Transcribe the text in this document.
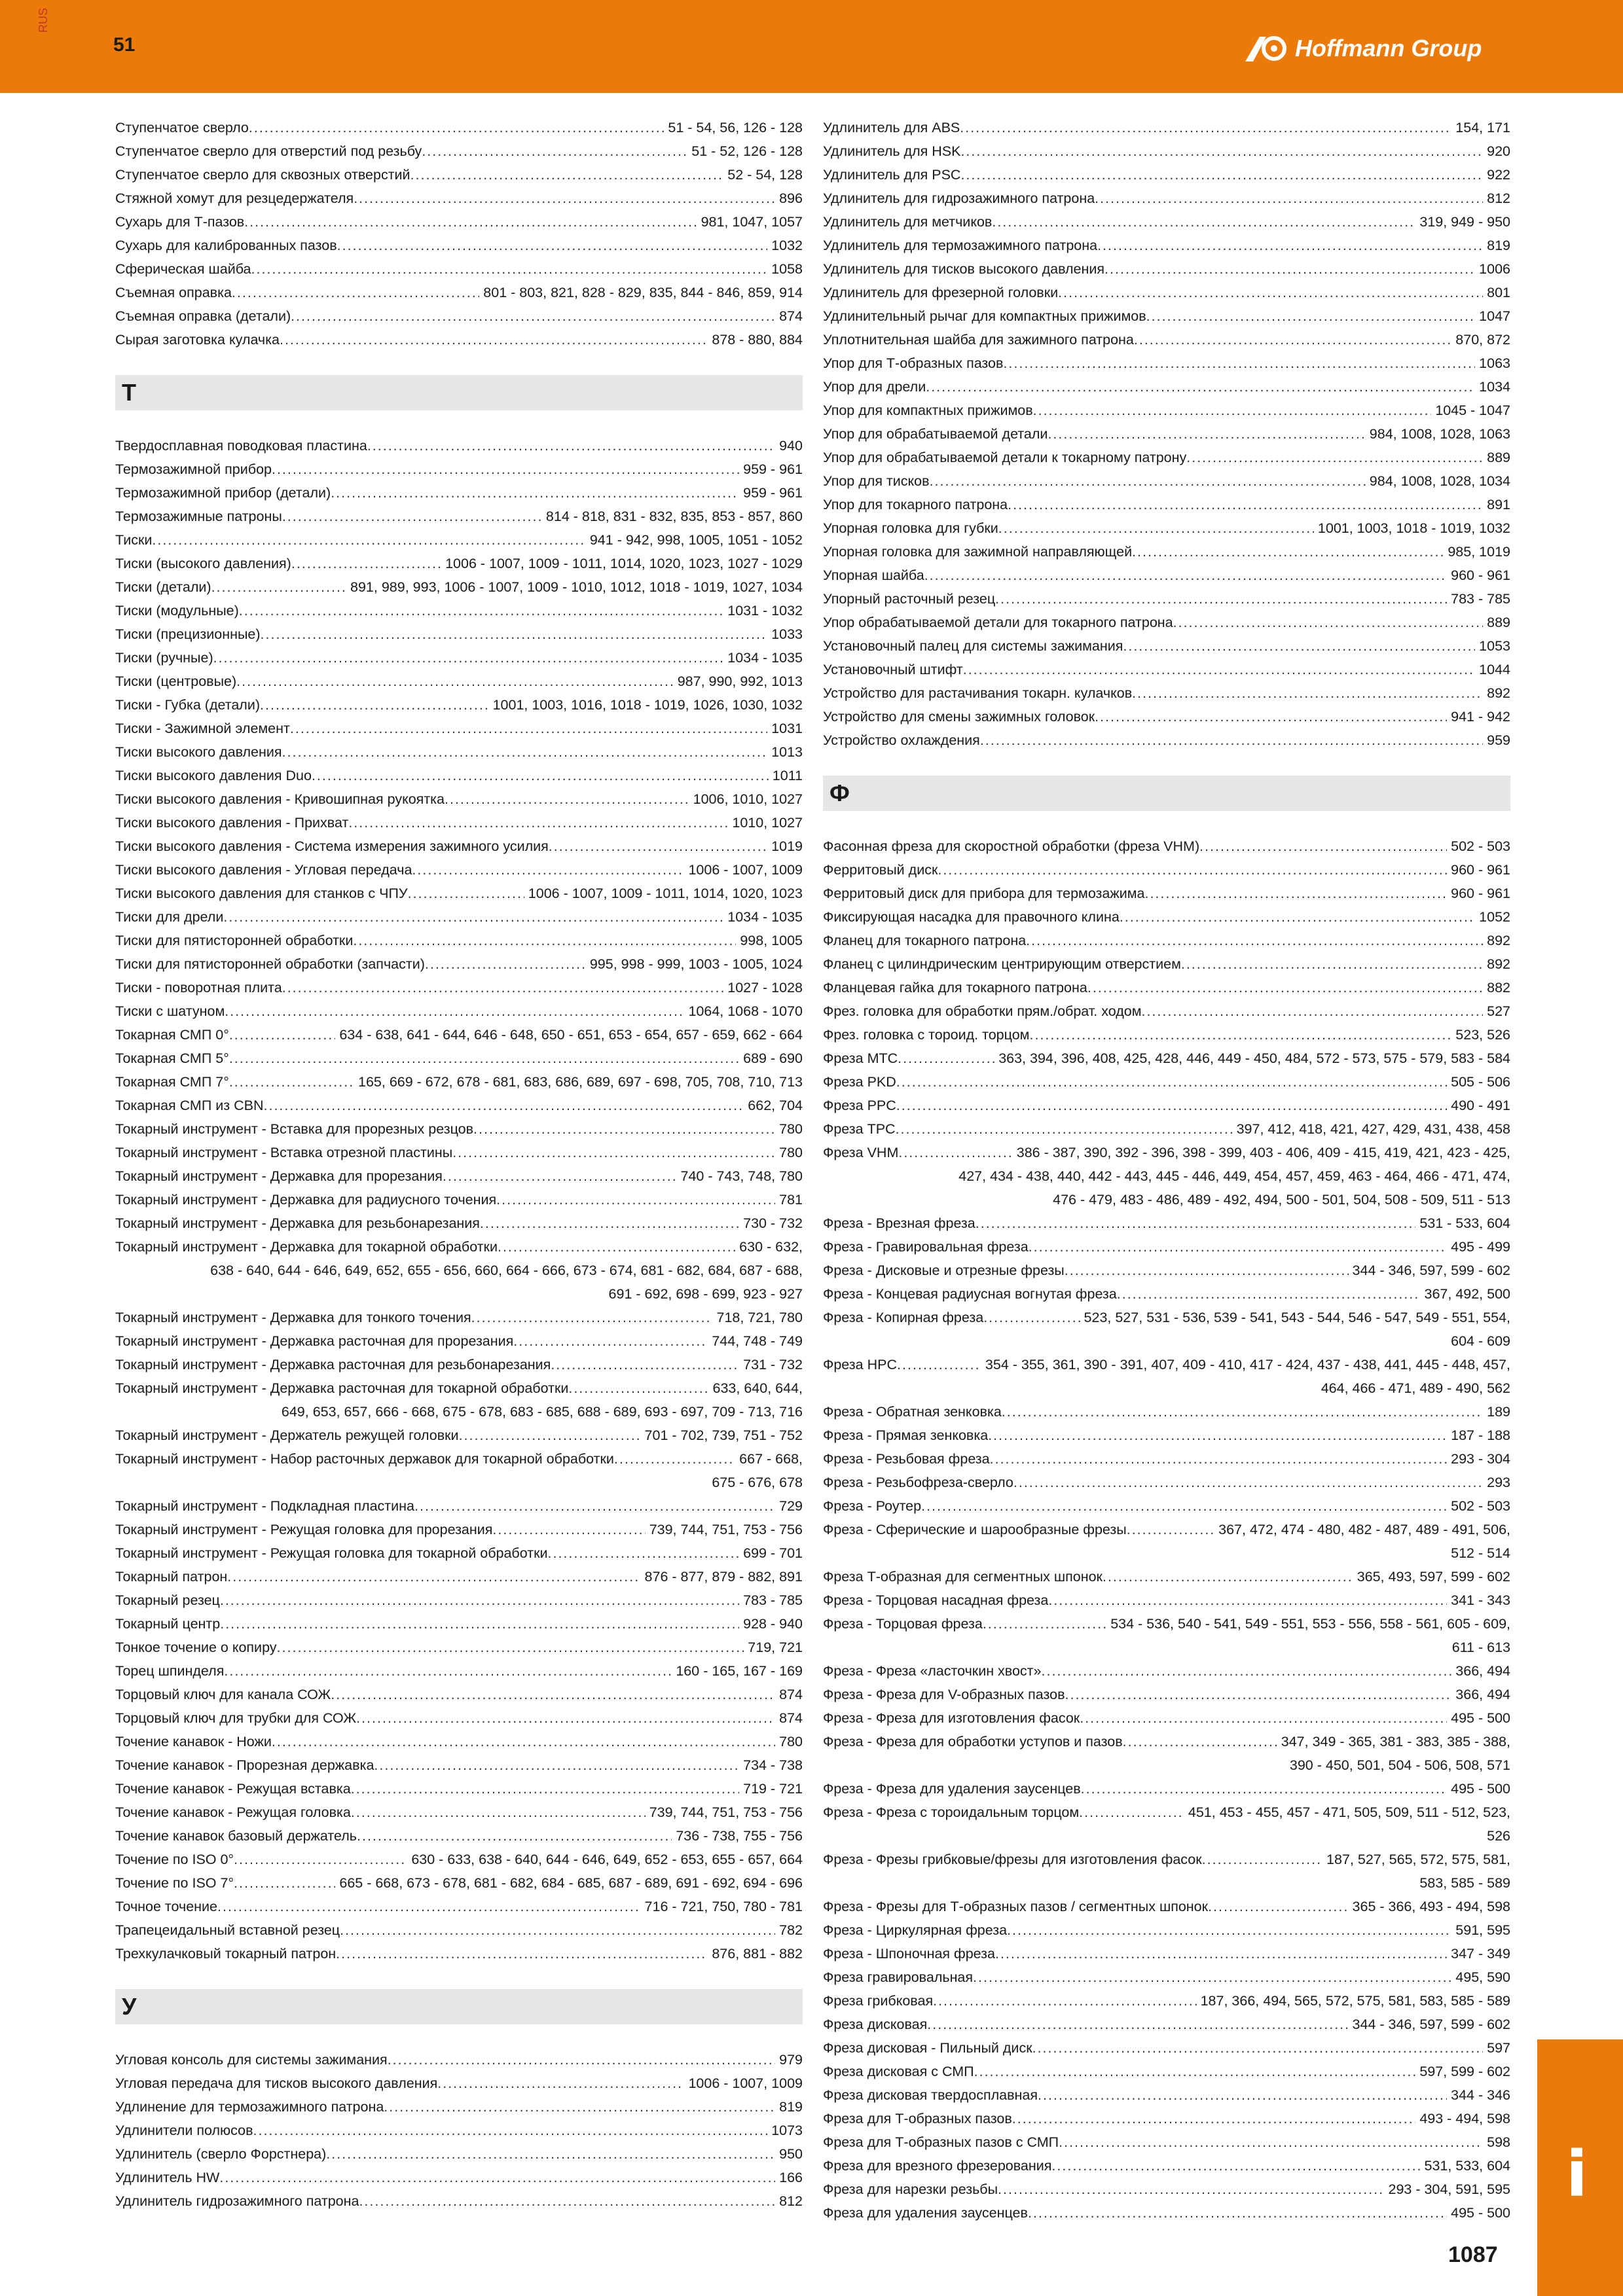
RUS
51	Hoffmann Group
Ступенчатое сверло .....	51 - 54, 56, 126 - 128
Ступенчатое сверло для отверстий под резьбу .....	51 - 52, 126 - 128
Ступенчатое сверло для сквозных отверстий .....	52 - 54, 128
Стяжной хомут для резцедержателя .....	896
Сухарь для Т-пазов .....	981, 1047, 1057
Сухарь для калиброванных пазов .....	1032
Сферическая шайба .....	1058
Съемная оправка .....	801 - 803, 821, 828 - 829, 835, 844 - 846, 859, 914
Съемная оправка (детали) .....	874
Сырая заготовка кулачка .....	878 - 880, 884
Т
Твердосплавная поводковая пластина .....	940
Термозажимной прибор .....	959 - 961
Термозажимной прибор (детали) .....	959 - 961
Термозажимные патроны .....	814 - 818, 831 - 832, 835, 853 - 857, 860
Тиски .....	941 - 942, 998, 1005, 1051 - 1052
Тиски (высокого давления) .....	1006 - 1007, 1009 - 1011, 1014, 1020, 1023, 1027 - 1029
Тиски (детали) .....	891, 989, 993, 1006 - 1007, 1009 - 1010, 1012, 1018 - 1019, 1027, 1034
Тиски (модульные) .....	1031 - 1032
Тиски (прецизионные) .....	1033
Тиски (ручные) .....	1034 - 1035
Тиски (центровые) .....	987, 990, 992, 1013
Тиски - Губка (детали) .....	1001, 1003, 1016, 1018 - 1019, 1026, 1030, 1032
Тиски - Зажимной элемент .....	1031
Тиски высокого давления .....	1013
Тиски высокого давления Duo .....	1011
Тиски высокого давления - Кривошипная рукоятка .....	1006, 1010, 1027
Тиски высокого давления - Прихват .....	1010, 1027
Тиски высокого давления - Система измерения зажимного усилия .....	1019
Тиски высокого давления - Угловая передача .....	1006 - 1007, 1009
Тиски высокого давления для станков с ЧПУ .....	1006 - 1007, 1009 - 1011, 1014, 1020, 1023
Тиски для дрели .....	1034 - 1035
Тиски для пятисторонней обработки .....	998, 1005
Тиски для пятисторонней обработки (запчасти) .....	995, 998 - 999, 1003 - 1005, 1024
Тиски - поворотная плита .....	1027 - 1028
Тиски с шатуном .....	1064, 1068 - 1070
Токарная СМП 0° .....	634 - 638, 641 - 644, 646 - 648, 650 - 651, 653 - 654, 657 - 659, 662 - 664
Токарная СМП 5° .....	689 - 690
Токарная СМП 7° .....	165, 669 - 672, 678 - 681, 683, 686, 689, 697 - 698, 705, 708, 710, 713
Токарная СМП из CBN .....	662, 704
Токарный инструмент - Вставка для прорезных резцов .....	780
Токарный инструмент - Вставка отрезной пластины .....	780
Токарный инструмент - Державка для прорезания .....	740 - 743, 748, 780
Токарный инструмент - Державка для радиусного точения .....	781
Токарный инструмент - Державка для резьбонарезания .....	730 - 732
Токарный инструмент - Державка для токарной обработки .....	630 - 632,
638 - 640, 644 - 646, 649, 652, 655 - 656, 660, 664 - 666, 673 - 674, 681 - 682, 684, 687 - 688,
691 - 692, 698 - 699, 923 - 927
Токарный инструмент - Державка для тонкого точения .....	718, 721, 780
Токарный инструмент - Державка расточная для прорезания .....	744, 748 - 749
Токарный инструмент - Державка расточная для резьбонарезания .....	731 - 732
Токарный инструмент - Державка расточная для токарной обработки .....	633, 640, 644,
649, 653, 657, 666 - 668, 675 - 678, 683 - 685, 688 - 689, 693 - 697, 709 - 713, 716
Токарный инструмент - Держатель режущей головки .....	701 - 702, 739, 751 - 752
Токарный инструмент - Набор расточных державок для токарной обработки .....	667 - 668,
675 - 676, 678
Токарный инструмент - Подкладная пластина .....	729
Токарный инструмент - Режущая головка для прорезания .....	739, 744, 751, 753 - 756
Токарный инструмент - Режущая головка для токарной обработки .....	699 - 701
Токарный патрон .....	876 - 877, 879 - 882, 891
Токарный резец .....	783 - 785
Токарный центр .....	928 - 940
Тонкое точение о копиру .....	719, 721
Торец шпинделя .....	160 - 165, 167 - 169
Торцовый ключ для канала СОЖ .....	874
Торцовый ключ для трубки для СОЖ .....	874
Точение канавок - Ножи .....	780
Точение канавок - Прорезная державка .....	734 - 738
Точение канавок - Режущая вставка .....	719 - 721
Точение канавок - Режущая головка .....	739, 744, 751, 753 - 756
Точение канавок базовый держатель .....	736 - 738, 755 - 756
Точение по ISO 0° .....	630 - 633, 638 - 640, 644 - 646, 649, 652 - 653, 655 - 657, 664
Точение по ISO 7° .....	665 - 668, 673 - 678, 681 - 682, 684 - 685, 687 - 689, 691 - 692, 694 - 696
Точное точение .....	716 - 721, 750, 780 - 781
Трапецеидальный вставной резец .....	782
Трехкулачковый токарный патрон .....	876, 881 - 882
У
Угловая консоль для системы зажимания .....	979
Угловая передача для тисков высокого давления .....	1006 - 1007, 1009
Удлинение для термозажимного патрона .....	819
Удлинители полюсов .....	1073
Удлинитель (сверло Форстнера) .....	950
Удлинитель HW .....	166
Удлинитель гидрозажимного патрона .....	812
Удлинитель для ABS .....	154, 171
Удлинитель для HSK .....	920
Удлинитель для PSC .....	922
Удлинитель для гидрозажимного патрона .....	812
Удлинитель для метчиков .....	319, 949 - 950
Удлинитель для термозажимного патрона .....	819
Удлинитель для тисков высокого давления .....	1006
Удлинитель для фрезерной головки .....	801
Удлинительный рычаг для компактных прижимов .....	1047
Уплотнительная шайба для зажимного патрона .....	870, 872
Упор для Т-образных пазов .....	1063
Упор для дрели .....	1034
Упор для компактных прижимов .....	1045 - 1047
Упор для обрабатываемой детали .....	984, 1008, 1028, 1063
Упор для обрабатываемой детали к токарному патрону .....	889
Упор для тисков .....	984, 1008, 1028, 1034
Упор для токарного патрона .....	891
Упорная головка для губки .....	1001, 1003, 1018 - 1019, 1032
Упорная головка для зажимной направляющей .....	985, 1019
Упорная шайба .....	960 - 961
Упорный расточный резец .....	783 - 785
Упор обрабатываемой детали для токарного патрона .....	889
Установочный палец для системы зажимания .....	1053
Установочный штифт .....	1044
Устройство для растачивания токарн. кулачков .....	892
Устройство для смены зажимных головок .....	941 - 942
Устройство охлаждения .....	959
Ф
Фасонная фреза для скоростной обработки (фреза VHM) .....	502 - 503
Ферритовый диск .....	960 - 961
Ферритовый диск для прибора для термозажима .....	960 - 961
Фиксирующая насадка для правочного клина .....	1052
Фланец для токарного патрона .....	892
Фланец с цилиндрическим центрирующим отверстием .....	892
Фланцевая гайка для токарного патрона .....	882
Фрез. головка для обработки прям./обрат. ходом .....	527
Фрез. головка с тороид. торцом .....	523, 526
Фреза MTC .....	363, 394, 396, 408, 425, 428, 446, 449 - 450, 484, 572 - 573, 575 - 579, 583 - 584
Фреза PKD .....	505 - 506
Фреза PPC .....	490 - 491
Фреза TPC .....	397, 412, 418, 421, 427, 429, 431, 438, 458
Фреза VHM .....	386 - 387, 390, 392 - 396, 398 - 399, 403 - 406, 409 - 415, 419, 421, 423 - 425,
427, 434 - 438, 440, 442 - 443, 445 - 446, 449, 454, 457, 459, 463 - 464, 466 - 471, 474,
476 - 479, 483 - 486, 489 - 492, 494, 500 - 501, 504, 508 - 509, 511 - 513
Фреза - Врезная фреза .....	531 - 533, 604
Фреза - Гравировальная фреза .....	495 - 499
Фреза - Дисковые и отрезные фрезы .....	344 - 346, 597, 599 - 602
Фреза - Концевая радиусная вогнутая фреза .....	367, 492, 500
Фреза - Копирная фреза .....	523, 527, 531 - 536, 539 - 541, 543 - 544, 546 - 547, 549 - 551, 554,
604 - 609
Фреза HPC .....	354 - 355, 361, 390 - 391, 407, 409 - 410, 417 - 424, 437 - 438, 441, 445 - 448, 457,
464, 466 - 471, 489 - 490, 562
Фреза - Обратная зенковка .....	189
Фреза - Прямая зенковка .....	187 - 188
Фреза - Резьбовая фреза .....	293 - 304
Фреза - Резьбофреза-сверло .....	293
Фреза - Роутер .....	502 - 503
Фреза - Сферические и шарообразные фрезы .....	367, 472, 474 - 480, 482 - 487, 489 - 491, 506,
512 - 514
Фреза Т-образная для сегментных шпонок .....	365, 493, 597, 599 - 602
Фреза - Торцовая насадная фреза .....	341 - 343
Фреза - Торцовая фреза .....	534 - 536, 540 - 541, 549 - 551, 553 - 556, 558 - 561, 605 - 609,
611 - 613
Фреза - Фреза «ласточкин хвост» .....	366, 494
Фреза - Фреза для V-образных пазов .....	366, 494
Фреза - Фреза для изготовления фасок .....	495 - 500
Фреза - Фреза для обработки уступов и пазов .....	347, 349 - 365, 381 - 383, 385 - 388,
390 - 450, 501, 504 - 506, 508, 571
Фреза - Фреза для удаления заусенцев .....	495 - 500
Фреза - Фреза с тороидальным торцом .....	451, 453 - 455, 457 - 471, 505, 509, 511 - 512, 523,
526
Фреза - Фрезы грибковые/фрезы для изготовления фасок .....	187, 527, 565, 572, 575, 581,
583, 585 - 589
Фреза - Фрезы для Т-образных пазов / сегментных шпонок .....	365 - 366, 493 - 494, 598
Фреза - Циркулярная фреза .....	591, 595
Фреза - Шпоночная фреза .....	347 - 349
Фреза гравировальная .....	495, 590
Фреза грибковая .....	187, 366, 494, 565, 572, 575, 581, 583, 585 - 589
Фреза дисковая .....	344 - 346, 597, 599 - 602
Фреза дисковая - Пильный диск .....	597
Фреза дисковая с СМП .....	597, 599 - 602
Фреза дисковая твердосплавная .....	344 - 346
Фреза для Т-образных пазов .....	493 - 494, 598
Фреза для Т-образных пазов с СМП .....	598
Фреза для врезного фрезерования .....	531, 533, 604
Фреза для нарезки резьбы .....	293 - 304, 591, 595
Фреза для удаления заусенцев .....	495 - 500
i
1087
